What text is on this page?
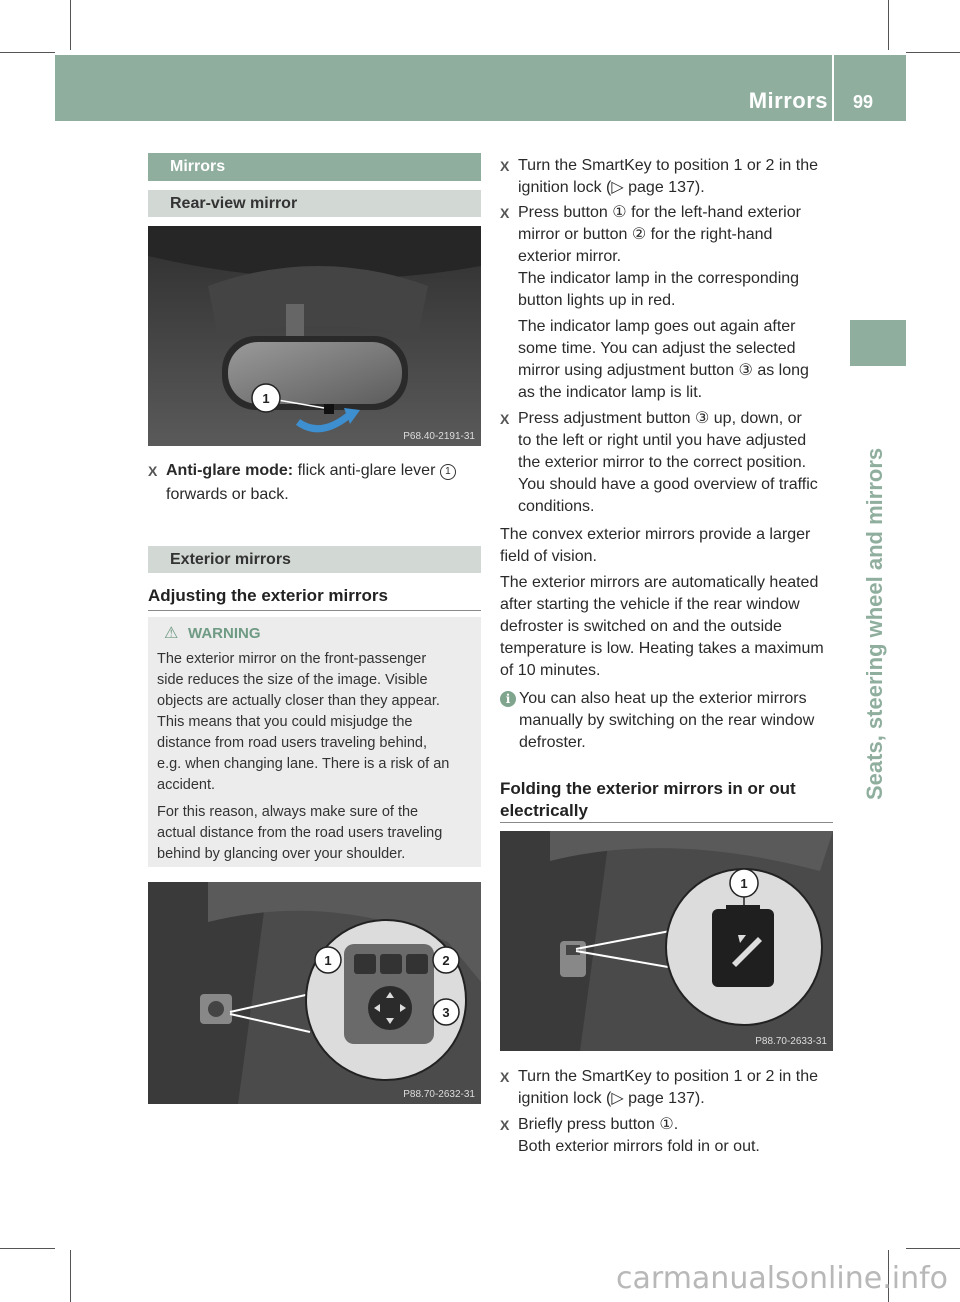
Mirrors 99
Seats, steering wheel and mirrors
Mirrors
Rear-view mirror
1
P68.40-2191-31
X Anti-glare mode: flick anti-glare lever 1
forwards or back.
Exterior mirrors
Adjusting the exterior mirrors
WARNING
⚠
The exterior mirror on the front-passenger
side reduces the size of the image. Visible
objects are actually closer than they appear.
This means that you could misjudge the
distance from road users traveling behind,
e.g. when changing lane. There is a risk of an
accident.
For this reason, always make sure of the
actual distance from the road users traveling
behind by glancing over your shoulder.
1	2
3
P88.70-2632-31
X Turn the SmartKey to position 1 or 2 in the
ignition lock (▷ page 137).
X Press button ① for the left-hand exterior
mirror or button ② for the right-hand
exterior mirror.
The indicator lamp in the corresponding
button lights up in red.
The indicator lamp goes out again after
some time. You can adjust the selected
mirror using adjustment button ③ as long
as the indicator lamp is lit.
X Press adjustment button ③ up, down, or
to the left or right until you have adjusted
the exterior mirror to the correct position.
You should have a good overview of traffic
conditions.
The convex exterior mirrors provide a larger
field of vision.
The exterior mirrors are automatically heated
after starting the vehicle if the rear window
defroster is switched on and the outside
temperature is low. Heating takes a maximum
of 10 minutes.
i You can also heat up the exterior mirrors
manually by switching on the rear window
defroster.
Folding the exterior mirrors in or out
electrically
1
P88.70-2633-31
X Turn the SmartKey to position 1 or 2 in the
ignition lock (▷ page 137).
X Briefly press button ①.
Both exterior mirrors fold in or out.
carmanualsonline.info
